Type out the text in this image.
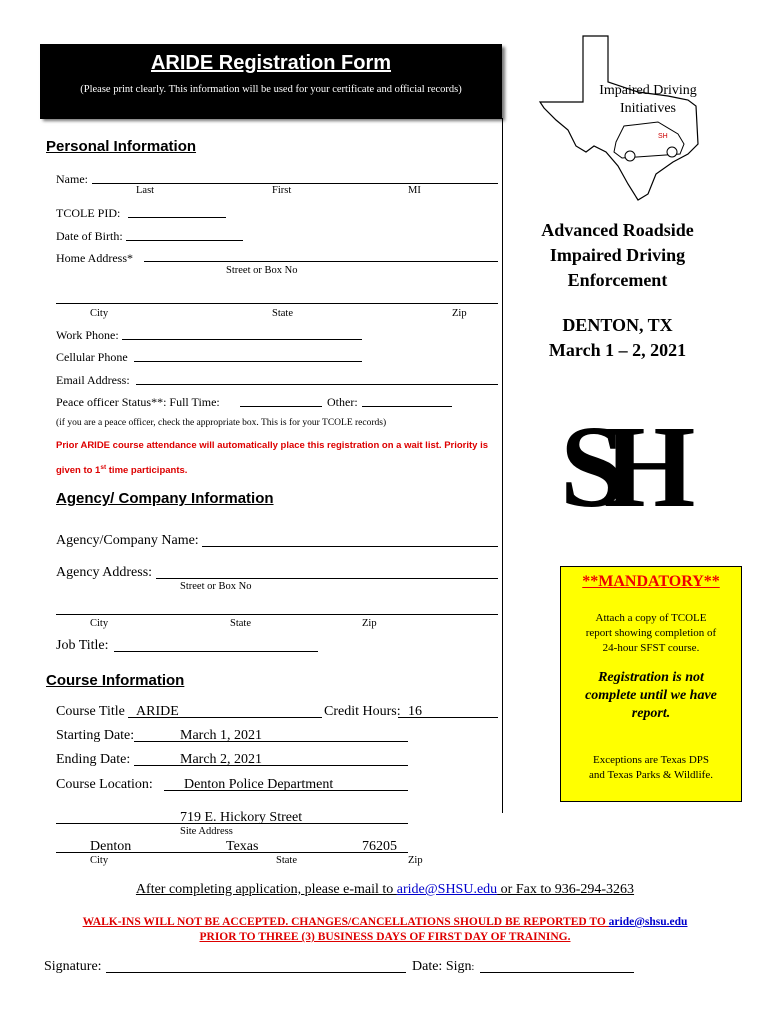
ARIDE Registration Form
(Please print clearly. This information will be used for your certificate and official records)
SH
Impaired Driving
Initiatives
Advanced Roadside
Impaired Driving
Enforcement
DENTON, TX
March 1 – 2, 2021
SH
**MANDATORY**
Attach a copy of TCOLE
report showing completion of
24-hour SFST course.
Registration is not
complete until we have
report.
Exceptions are Texas DPS
and Texas Parks & Wildlife.
Personal Information
Name:
Last	First	MI
TCOLE PID:
Date of Birth:
Home Address*
Street or Box No
City	State	Zip
Work Phone:
Cellular Phone
Email Address:
Peace officer Status**: Full Time:	Other:
(if you are a peace officer, check the appropriate box. This is for your TCOLE records)
Prior ARIDE course attendance will automatically place this registration on a wait list. Priority is
given to 1st time participants.
Agency/ Company Information
Agency/Company Name:
Agency Address:
Street or Box No
City	State	Zip
Job Title:
Course Information
Course Title ARIDE	Credit Hours: 16
Starting Date:	March 1, 2021
Ending Date:	March 2, 2021
Course Location: Denton Police Department
719 E. Hickory Street
Site Address
Denton	Texas	76205
City	State	Zip
After completing application, please e-mail to aride@SHSU.edu or Fax to 936-294-3263
WALK-INS WILL NOT BE ACCEPTED. CHANGES/CANCELLATIONS SHOULD BE REPORTED TO aride@shsu.edu
PRIOR TO THREE (3) BUSINESS DAYS OF FIRST DAY OF TRAINING.
Signature:	Date: Sign:
